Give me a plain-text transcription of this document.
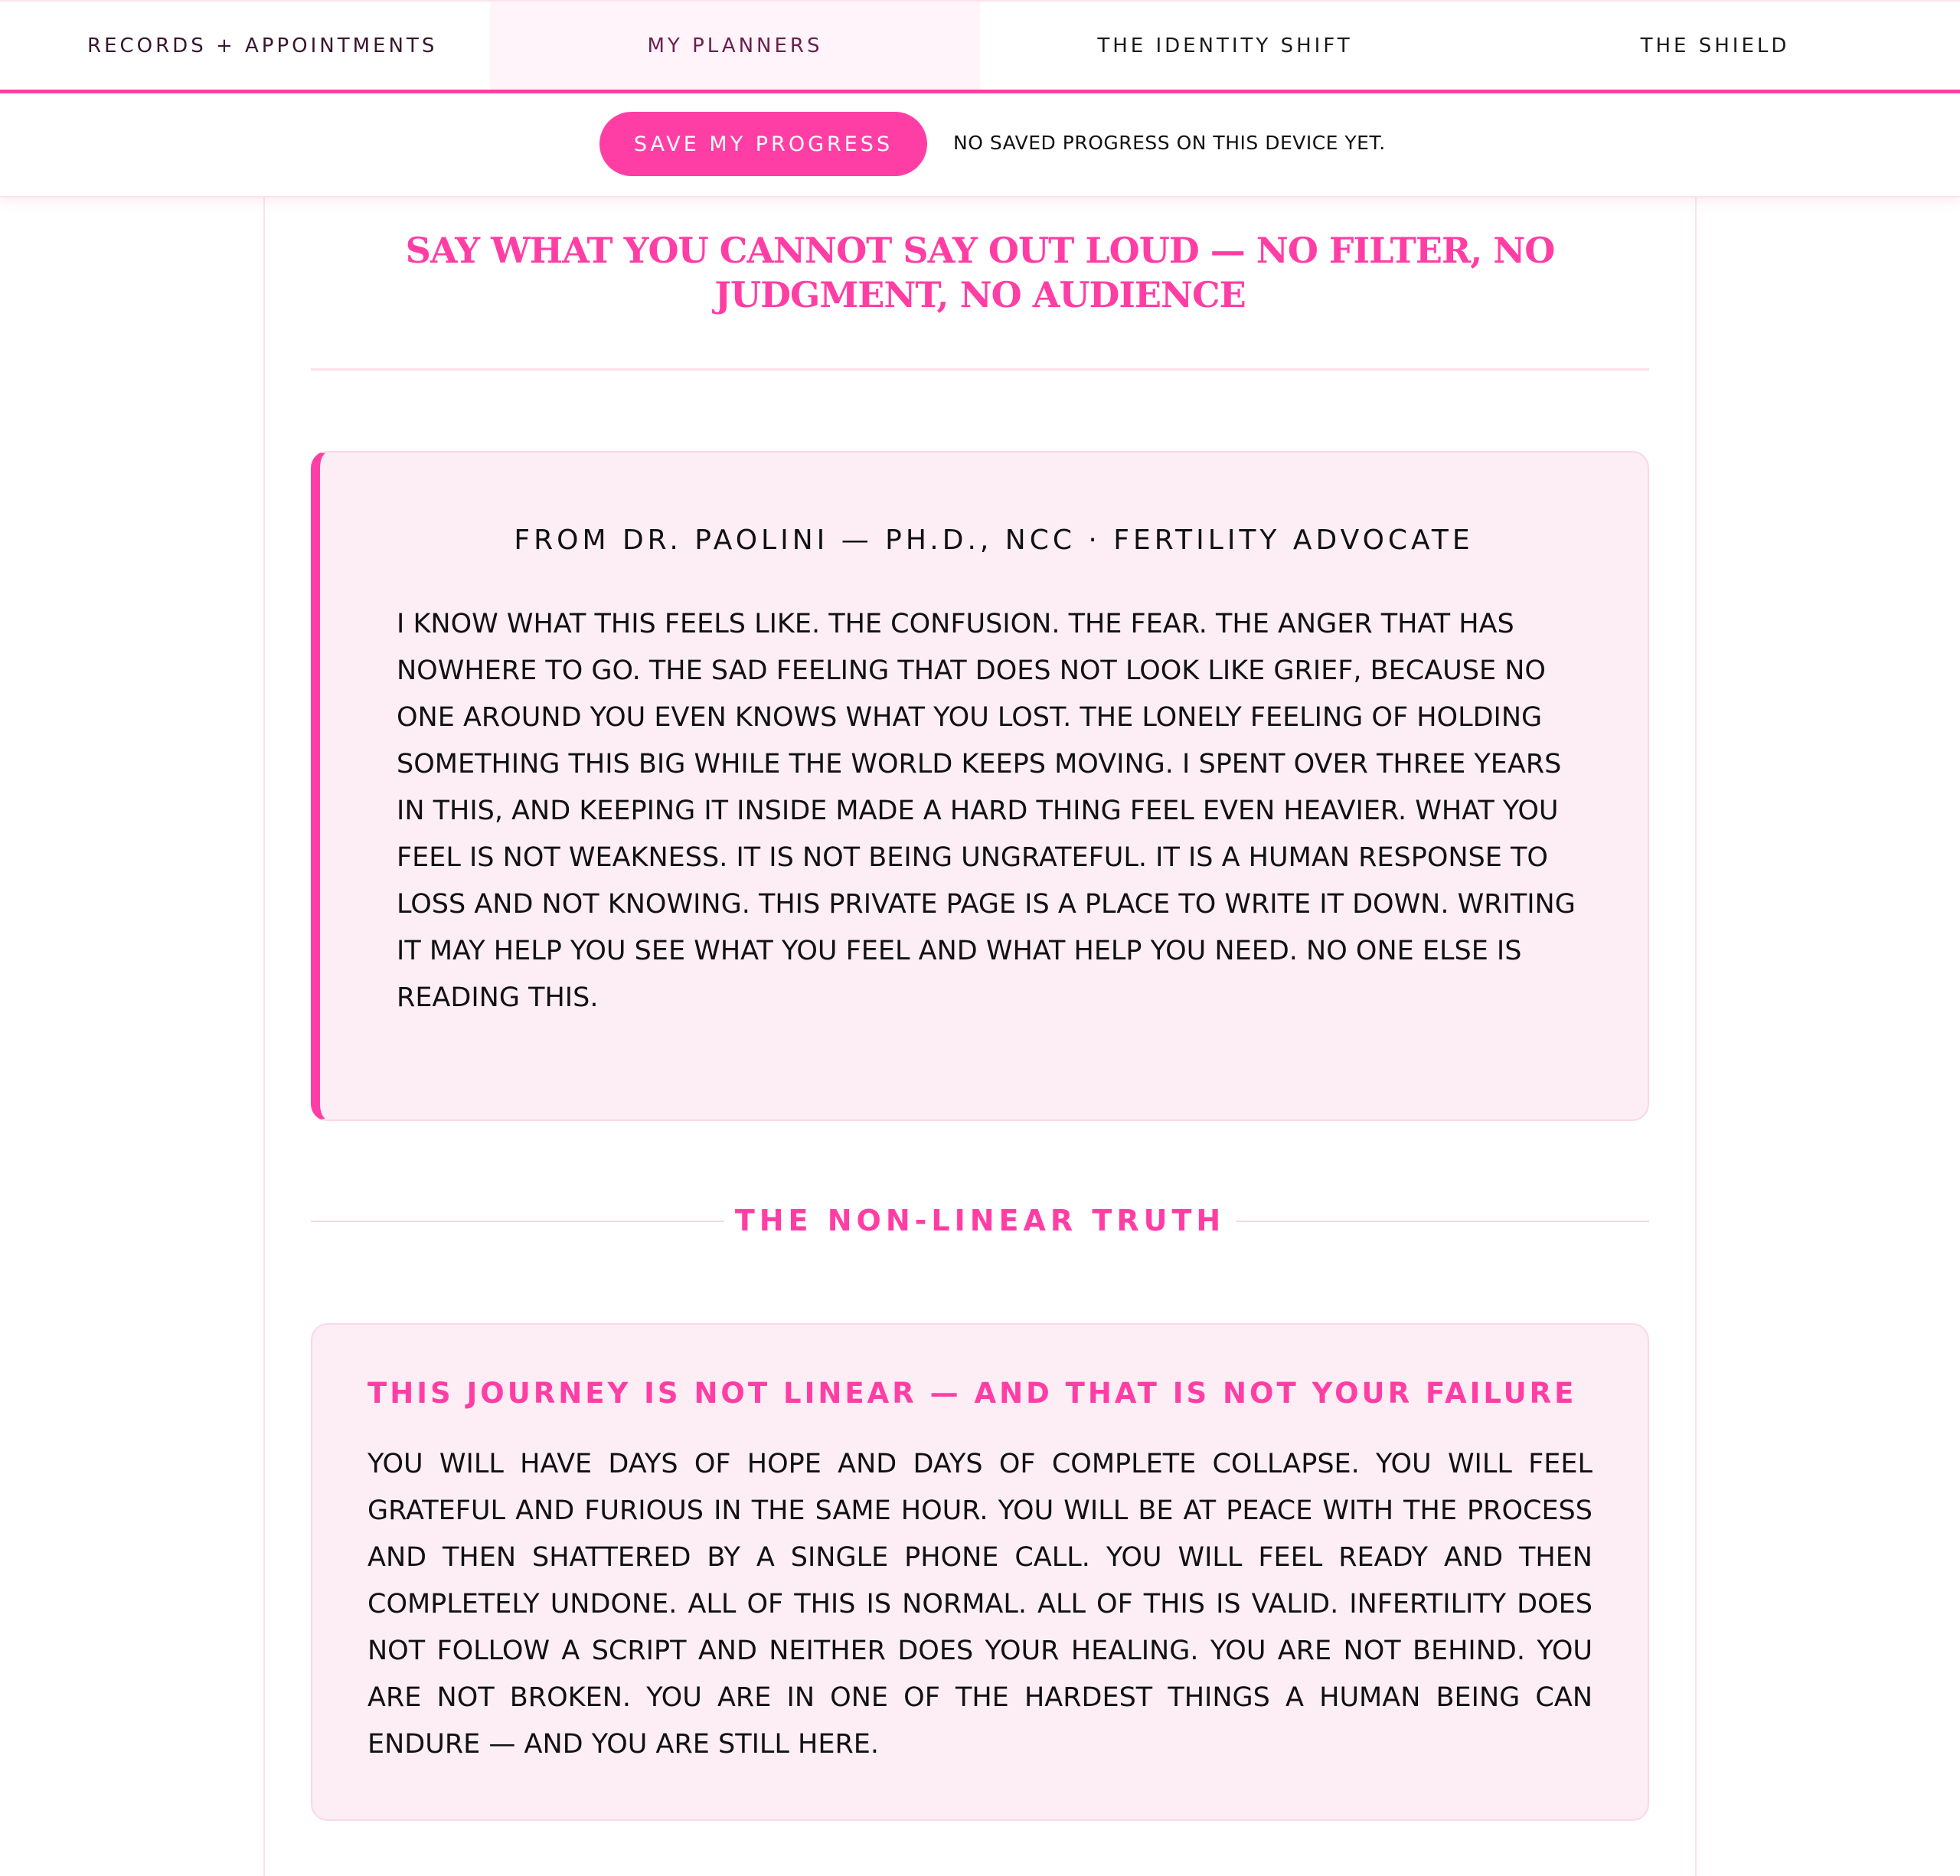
RECORDS + APPOINTMENTS	MY PLANNERS	THE IDENTITY SHIFT	THE SHIELD
SAVE MY PROGRESS	NO SAVED PROGRESS ON THIS DEVICE YET.
SAY WHAT YOU CANNOT SAY OUT LOUD — NO FILTER, NO JUDGMENT, NO AUDIENCE
FROM DR. PAOLINI — PH.D., NCC · FERTILITY ADVOCATE

I KNOW WHAT THIS FEELS LIKE. THE CONFUSION. THE FEAR. THE ANGER THAT HAS NOWHERE TO GO. THE SAD FEELING THAT DOES NOT LOOK LIKE GRIEF, BECAUSE NO ONE AROUND YOU EVEN KNOWS WHAT YOU LOST. THE LONELY FEELING OF HOLDING SOMETHING THIS BIG WHILE THE WORLD KEEPS MOVING. I SPENT OVER THREE YEARS IN THIS, AND KEEPING IT INSIDE MADE A HARD THING FEEL EVEN HEAVIER. WHAT YOU FEEL IS NOT WEAKNESS. IT IS NOT BEING UNGRATEFUL. IT IS A HUMAN RESPONSE TO LOSS AND NOT KNOWING. THIS PRIVATE PAGE IS A PLACE TO WRITE IT DOWN. WRITING IT MAY HELP YOU SEE WHAT YOU FEEL AND WHAT HELP YOU NEED. NO ONE ELSE IS READING THIS.

THE NON-LINEAR TRUTH
THIS JOURNEY IS NOT LINEAR — AND THAT IS NOT YOUR FAILURE

YOU WILL HAVE DAYS OF HOPE AND DAYS OF COMPLETE COLLAPSE. YOU WILL FEEL GRATEFUL AND FURIOUS IN THE SAME HOUR. YOU WILL BE AT PEACE WITH THE PROCESS AND THEN SHATTERED BY A SINGLE PHONE CALL. YOU WILL FEEL READY AND THEN COMPLETELY UNDONE. ALL OF THIS IS NORMAL. ALL OF THIS IS VALID. INFERTILITY DOES NOT FOLLOW A SCRIPT AND NEITHER DOES YOUR HEALING. YOU ARE NOT BEHIND. YOU ARE NOT BROKEN. YOU ARE IN ONE OF THE HARDEST THINGS A HUMAN BEING CAN ENDURE — AND YOU ARE STILL HERE.
